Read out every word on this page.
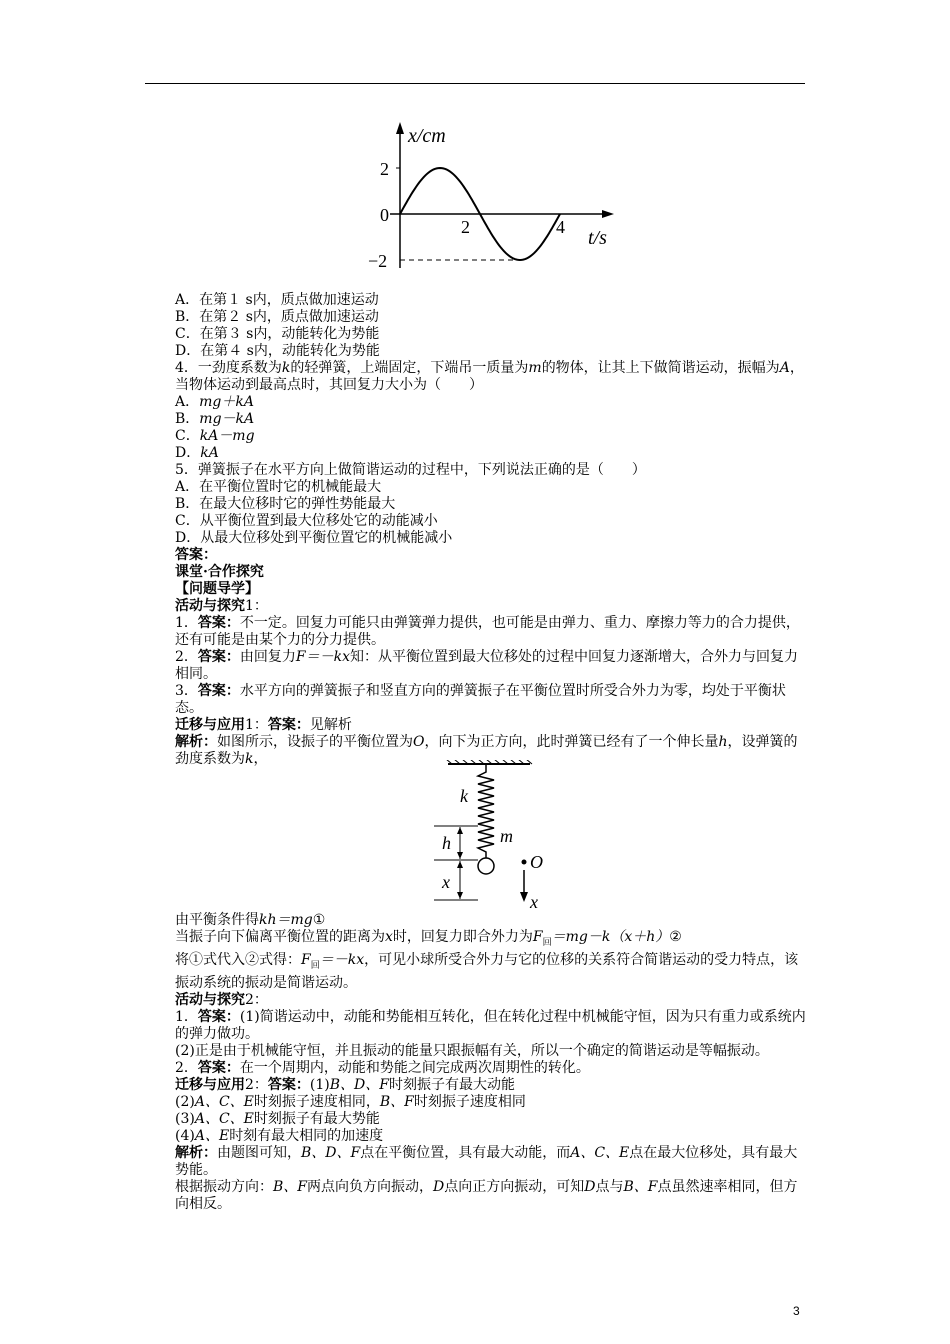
x/cm
t/s
2
0
−2
2	4

A．在第１ s内，质点做加速运动

B．在第２ s内，质点做加速运动

C．在第３ s内，动能转化为势能

D．在第４ s内，动能转化为势能

4．一劲度系数为k的轻弹簧，上端固定，下端吊一质量为m的物体，让其上下做简谐运动，振幅为A，当物体运动到最高点时，其回复力大小为（　　）

A．mg＋kA

B．mg－kA

C．kA－mg

D．kA

5．弹簧振子在水平方向上做简谐运动的过程中，下列说法正确的是（　　）

A．在平衡位置时它的机械能最大

B．在最大位移时它的弹性势能最大

C．从平衡位置到最大位移处它的动能减小

D．从最大位移处到平衡位置它的机械能减小

答案：

课堂·合作探究

【问题导学】

活动与探究1：

1．答案：不一定。回复力可能只由弹簧弹力提供，也可能是由弹力、重力、摩擦力等力的合力提供，还有可能是由某个力的分力提供。

2．答案：由回复力F＝－kx知：从平衡位置到最大位移处的过程中回复力逐渐增大，合外力与回复力相同。

3．答案：水平方向的弹簧振子和竖直方向的弹簧振子在平衡位置时所受合外力为零，均处于平衡状态。

迁移与应用1：答案：见解析

解析：如图所示，设振子的平衡位置为O，向下为正方向，此时弹簧已经有了一个伸长量h，设弹簧的劲度系数为k，

k
h	m
O
x
x

由平衡条件得kh＝mg①

当振子向下偏离平衡位置的距离为x时，回复力即合外力为$F_回=mg-k(x+h)②$

将①式代入②式得：$F_回=-kx$，可见小球所受合外力与它的位移的关系符合简谐运动的受力特点，该振动系统的振动是简谐运动。

活动与探究2：

1．答案：(1)简谐运动中，动能和势能相互转化，但在转化过程中机械能守恒，因为只有重力或系统内的弹力做功。

(2)正是由于机械能守恒，并且振动的能量只跟振幅有关，所以一个确定的简谐运动是等幅振动。

2．答案：在一个周期内，动能和势能之间完成两次周期性的转化。

迁移与应用2：答案：(1)B、D、F时刻振子有最大动能

(2)A、C、E时刻振子速度相同，B、F时刻振子速度相同

(3)A、C、E时刻振子有最大势能

(4)A、E时刻有最大相同的加速度

解析：由题图可知，B、D、F点在平衡位置，具有最大动能，而A、C、E点在最大位移处，具有最大势能。

根据振动方向：B、F两点向负方向振动，D点向正方向振动，可知D点与B、F点虽然速率相同，但方向相反。

3
